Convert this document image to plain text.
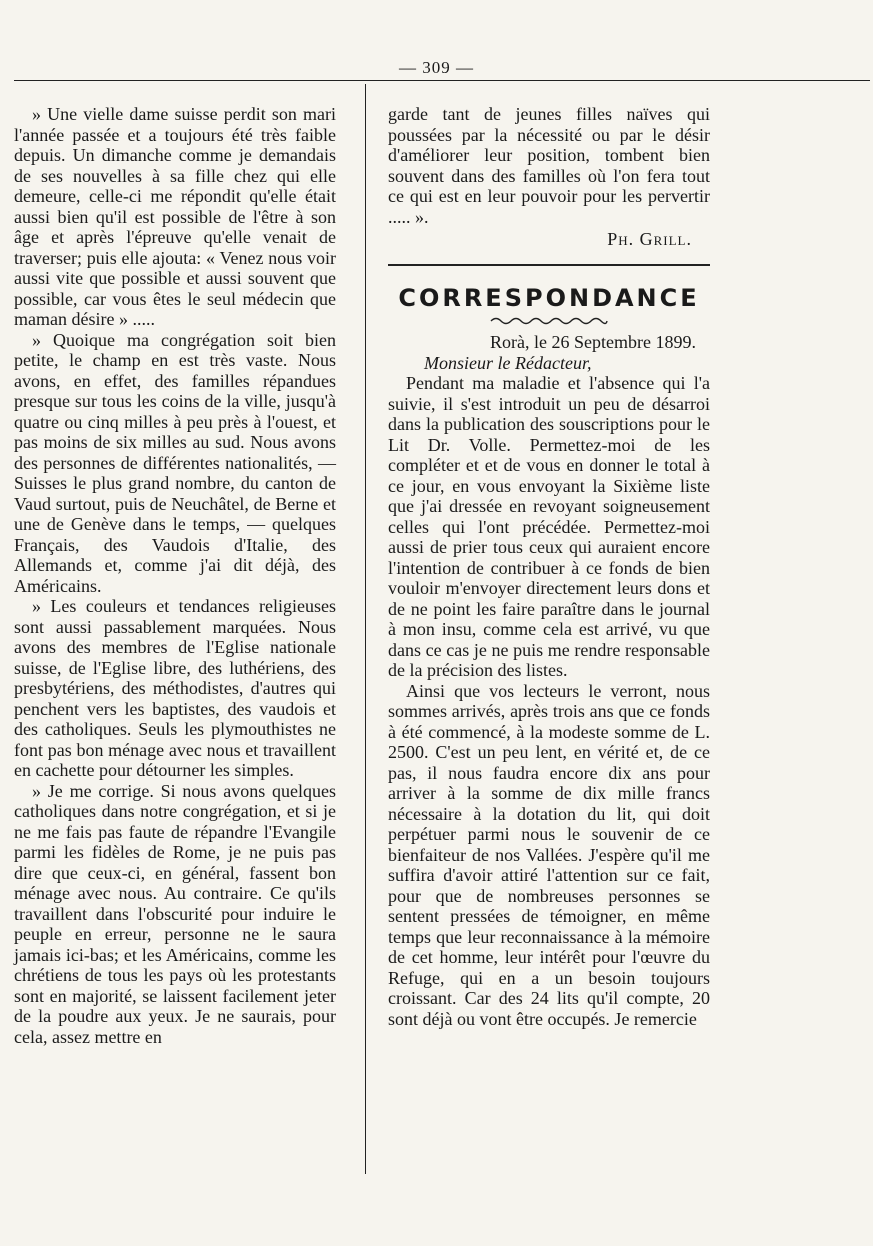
— 309 —

» Une vielle dame suisse perdit son mari l'année passée et a toujours été très faible depuis. Un dimanche comme je demandais de ses nouvelles à sa fille chez qui elle demeure, celle-ci me répondit qu'elle était aussi bien qu'il est possible de l'être à son âge et après l'épreuve qu'elle venait de traverser; puis elle ajouta: « Venez nous voir aussi vite que possible et aussi souvent que possible, car vous êtes le seul médecin que maman désire » .....

» Quoique ma congrégation soit bien petite, le champ en est très vaste. Nous avons, en effet, des familles répandues presque sur tous les coins de la ville, jusqu'à quatre ou cinq milles à peu près à l'ouest, et pas moins de six milles au sud. Nous avons des personnes de différentes nationalités, — Suisses le plus grand nombre, du canton de Vaud surtout, puis de Neuchâtel, de Berne et une de Genève dans le temps, — quelques Français, des Vaudois d'Italie, des Allemands et, comme j'ai dit déjà, des Américains.

» Les couleurs et tendances religieuses sont aussi passablement marquées. Nous avons des membres de l'Eglise nationale suisse, de l'Eglise libre, des luthériens, des presbytériens, des méthodistes, d'autres qui penchent vers les baptistes, des vaudois et des catholiques. Seuls les plymouthistes ne font pas bon ménage avec nous et travaillent en cachette pour détourner les simples.

» Je me corrige. Si nous avons quelques catholiques dans notre congrégation, et si je ne me fais pas faute de répandre l'Evangile parmi les fidèles de Rome, je ne puis pas dire que ceux-ci, en général, fassent bon ménage avec nous. Au contraire. Ce qu'ils travaillent dans l'obscurité pour induire le peuple en erreur, personne ne le saura jamais ici-bas; et les Américains, comme les chrétiens de tous les pays où les protestants sont en majorité, se laissent facilement jeter de la poudre aux yeux. Je ne saurais, pour cela, assez mettre en

garde tant de jeunes filles naïves qui poussées par la nécessité ou par le désir d'améliorer leur position, tombent bien souvent dans des familles où l'on fera tout ce qui est en leur pouvoir pour les pervertir ..... ».

Ph. Grill.
CORRESPONDANCE
Rorà, le 26 Septembre 1899.
Monsieur le Rédacteur,

Pendant ma maladie et l'absence qui l'a suivie, il s'est introduit un peu de désarroi dans la publication des souscriptions pour le Lit Dr. Volle. Permettez-moi de les compléter et et de vous en donner le total à ce jour, en vous envoyant la Sixième liste que j'ai dressée en revoyant soigneusement celles qui l'ont précédée. Permettez-moi aussi de prier tous ceux qui auraient encore l'intention de contribuer à ce fonds de bien vouloir m'envoyer directement leurs dons et de ne point les faire paraître dans le journal à mon insu, comme cela est arrivé, vu que dans ce cas je ne puis me rendre responsable de la précision des listes.

Ainsi que vos lecteurs le verront, nous sommes arrivés, après trois ans que ce fonds à été commencé, à la modeste somme de L. 2500. C'est un peu lent, en vérité et, de ce pas, il nous faudra encore dix ans pour arriver à la somme de dix mille francs nécessaire à la dotation du lit, qui doit perpétuer parmi nous le souvenir de ce bienfaiteur de nos Vallées. J'espère qu'il me suffira d'avoir attiré l'attention sur ce fait, pour que de nombreuses personnes se sentent pressées de témoigner, en même temps que leur reconnaissance à la mémoire de cet homme, leur intérêt pour l'œuvre du Refuge, qui en a un besoin toujours croissant. Car des 24 lits qu'il compte, 20 sont déjà ou vont être occupés. Je remercie
